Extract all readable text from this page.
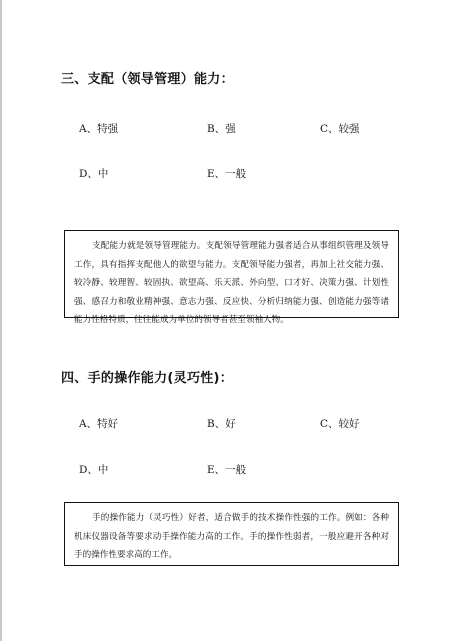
三、支配（领导管理）能力：
A、特强	B、强	C、较强
D、中	E、一般

支配能力就是领导管理能力。支配领导管理能力强者适合从事组织管理及领导工作，具有指挥支配他人的欲望与能力。支配领导能力强者，再加上社交能力强、较冷静、较理智、较固执、欲望高、乐天派、外向型、口才好、决策力强、计划性强、感召力和敬业精神强、意志力强、反应快、分析归纳能力强、创造能力强等诸能力性格特质，往往能成为单位的领导者甚至领袖人物。

四、手的操作能力(灵巧性)：
A、特好	B、好	C、较好
D、中	E、一般

手的操作能力（灵巧性）好者，适合做手的技术操作性强的工作。例如：各种机床仪器设备等要求动手操作能力高的工作。手的操作性弱者，一般应避开各种对手的操作性要求高的工作。
